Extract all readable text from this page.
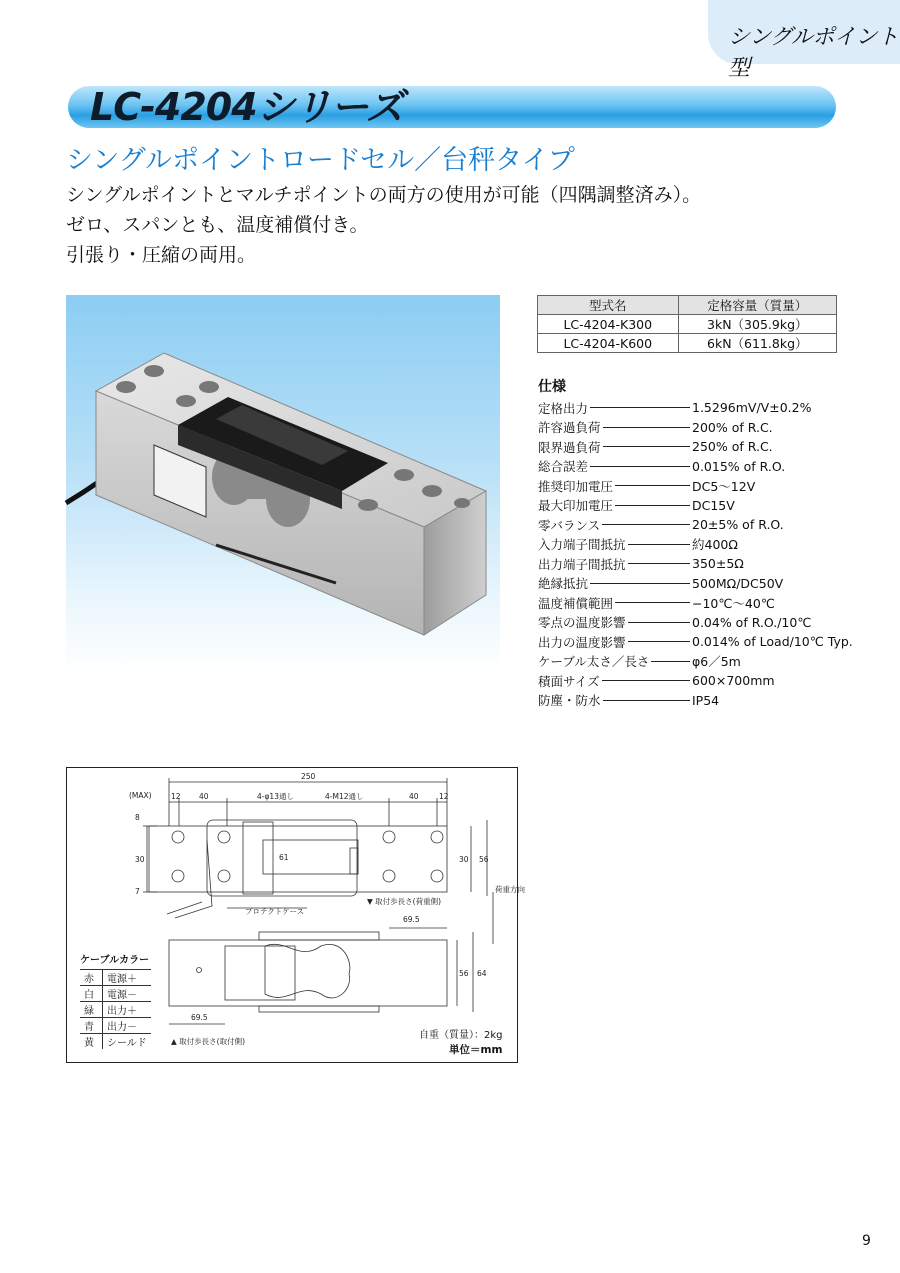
シングルポイント型
LC-4204シリーズ
シングルポイントロードセル／台秤タイプ
シングルポイントとマルチポイントの両方の使用が可能（四隅調整済み）。
ゼロ、スパンとも、温度補償付き。
引張り・圧縮の両用。
型式名	定格容量（質量）
LC-4204-K300	3kN（305.9kg）
LC-4204-K600	6kN（611.8kg）
仕様
定格出力	1.5296mV/V±0.2%
許容過負荷	200% of R.C.
限界過負荷	250% of R.C.
総合誤差	0.015% of R.O.
推奨印加電圧	DC5〜12V
最大印加電圧	DC15V
零バランス	20±5% of R.O.
入力端子間抵抗	約400Ω
出力端子間抵抗	350±5Ω
絶縁抵抗	500MΩ/DC50V
温度補償範囲	−10℃〜40℃
零点の温度影響	0.04% of R.O./10℃
出力の温度影響	0.014% of Load/10℃ Typ.
ケーブル太さ／長さ	φ6／5m
積面サイズ	600×700mm
防塵・防水	IP54
250
12 40	4-φ13通し	4-M12通し	40	12
(MAX)
8
30
7
61	30 56
プロテクトケース
▼ 取付歩長さ(荷重側)
荷重方向
69.5
56 64
69.5
▲ 取付歩長さ(取付側)
ケーブルカラー
赤	電源＋
白	電源－
緑	出力＋
青	出力－
黄	シールド
自重（質量）：2kg
単位＝mm
9
